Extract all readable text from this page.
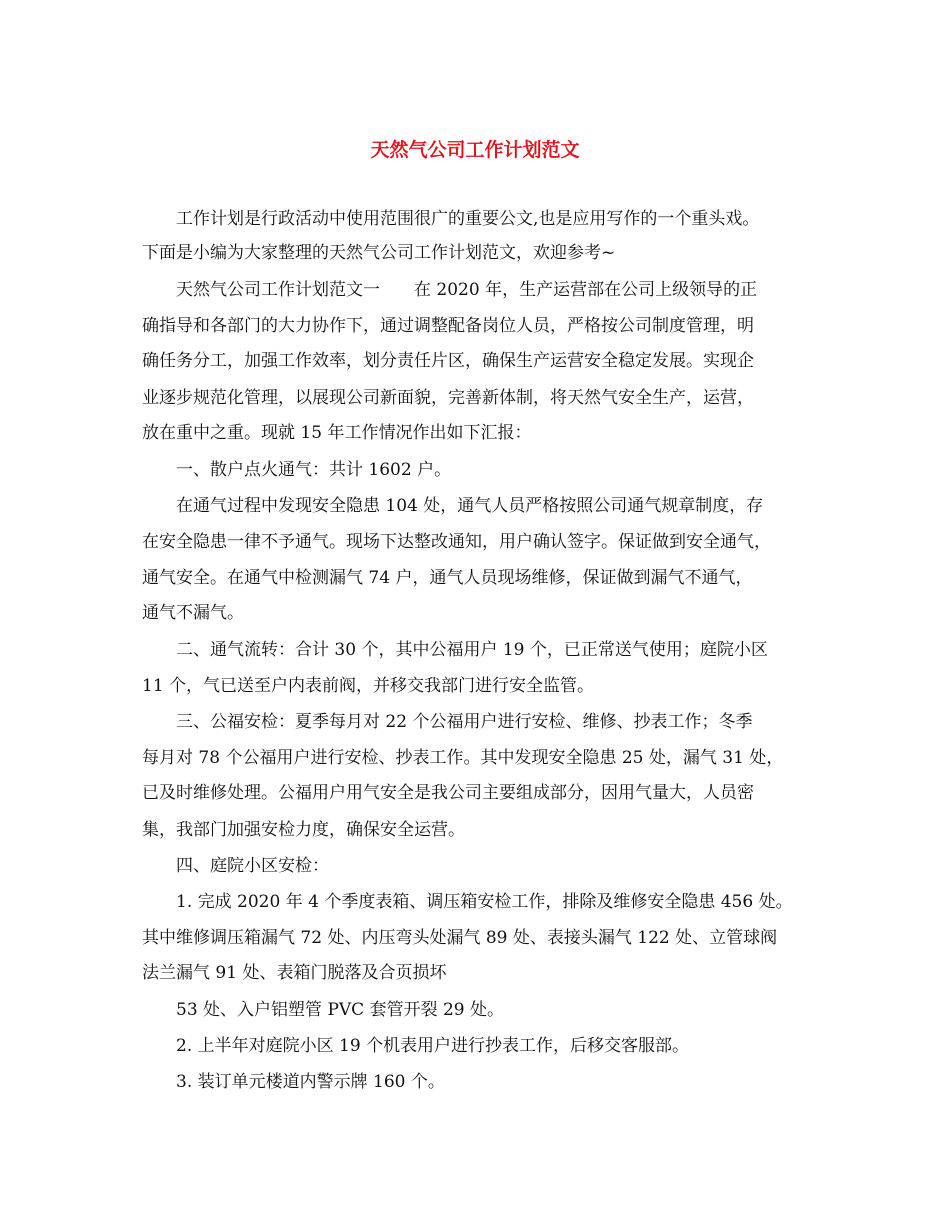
天然气公司工作计划范文
工作计划是行政活动中使用范围很广的重要公文,也是应用写作的一个重头戏。
下面是小编为大家整理的天然气公司工作计划范文，欢迎参考~
天然气公司工作计划范文一　　在 2020 年，生产运营部在公司上级领导的正
确指导和各部门的大力协作下，通过调整配备岗位人员，严格按公司制度管理，明
确任务分工，加强工作效率，划分责任片区，确保生产运营安全稳定发展。实现企
业逐步规范化管理，以展现公司新面貌，完善新体制，将天然气安全生产，运营，
放在重中之重。现就 15 年工作情况作出如下汇报：
一、散户点火通气：共计 1602 户。
在通气过程中发现安全隐患 104 处，通气人员严格按照公司通气规章制度，存
在安全隐患一律不予通气。现场下达整改通知，用户确认签字。保证做到安全通气，
通气安全。在通气中检测漏气 74 户，通气人员现场维修，保证做到漏气不通气，
通气不漏气。
二、通气流转：合计 30 个，其中公福用户 19 个，已正常送气使用；庭院小区
11 个，气已送至户内表前阀，并移交我部门进行安全监管。
三、公福安检：夏季每月对 22 个公福用户进行安检、维修、抄表工作；冬季
每月对 78 个公福用户进行安检、抄表工作。其中发现安全隐患 25 处，漏气 31 处，
已及时维修处理。公福用户用气安全是我公司主要组成部分，因用气量大，人员密
集，我部门加强安检力度，确保安全运营。
四、庭院小区安检：
1. 完成 2020 年 4 个季度表箱、调压箱安检工作，排除及维修安全隐患 456 处。
其中维修调压箱漏气 72 处、内压弯头处漏气 89 处、表接头漏气 122 处、立管球阀
法兰漏气 91 处、表箱门脱落及合页损坏
53 处、入户铝塑管 PVC 套管开裂 29 处。
2. 上半年对庭院小区 19 个机表用户进行抄表工作，后移交客服部。
3. 装订单元楼道内警示牌 160 个。
